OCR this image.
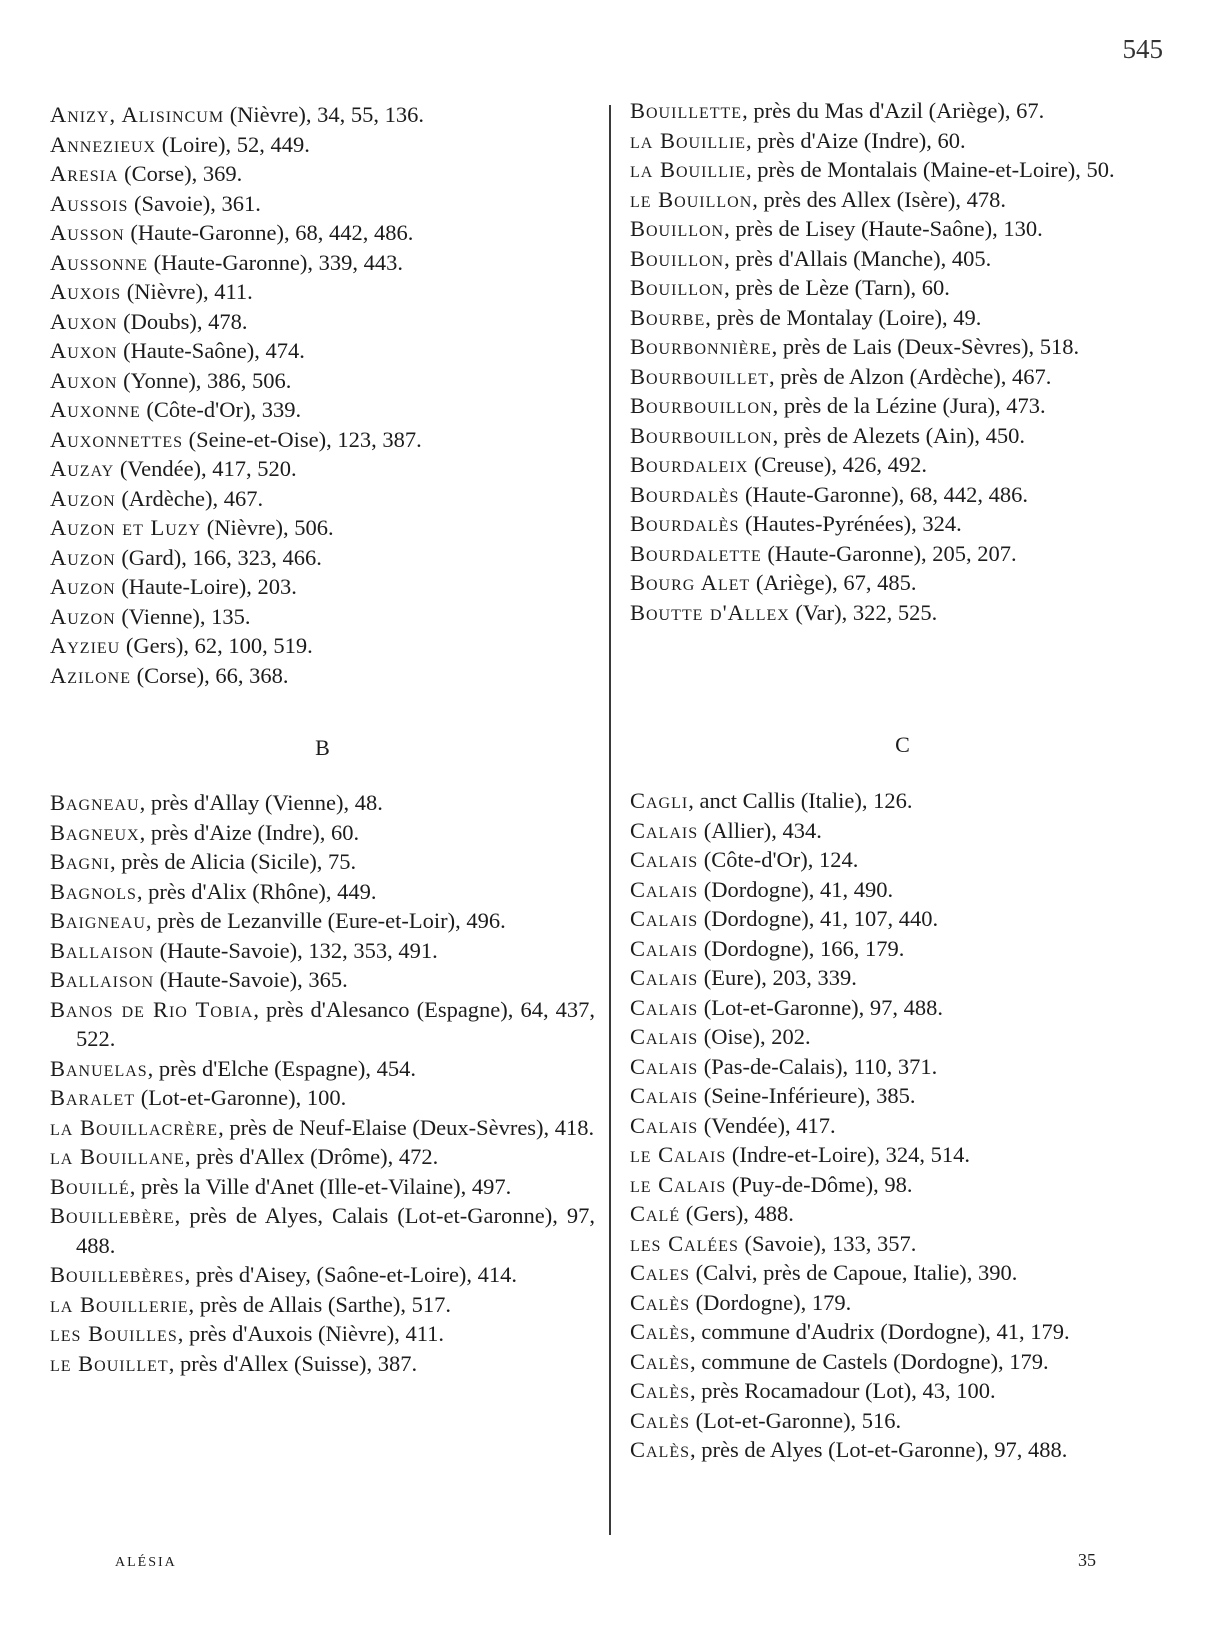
545

Anizy, Alisincum (Nièvre), 34, 55, 136.

Annezieux (Loire), 52, 449.

Aresia (Corse), 369.

Aussois (Savoie), 361.

Ausson (Haute-Garonne), 68, 442, 486.

Aussonne (Haute-Garonne), 339, 443.

Auxois (Nièvre), 411.

Auxon (Doubs), 478.

Auxon (Haute-Saône), 474.

Auxon (Yonne), 386, 506.

Auxonne (Côte-d'Or), 339.

Auxonnettes (Seine-et-Oise), 123, 387.

Auzay (Vendée), 417, 520.

Auzon (Ardèche), 467.

Auzon et Luzy (Nièvre), 506.

Auzon (Gard), 166, 323, 466.

Auzon (Haute-Loire), 203.

Auzon (Vienne), 135.

Ayzieu (Gers), 62, 100, 519.

Azilone (Corse), 66, 368.

B

Bagneau, près d'Allay (Vienne), 48.

Bagneux, près d'Aize (Indre), 60.

Bagni, près de Alicia (Sicile), 75.

Bagnols, près d'Alix (Rhône), 449.

Baigneau, près de Lezanville (Eure-et-Loir), 496.

Ballaison (Haute-Savoie), 132, 353, 491.

Ballaison (Haute-Savoie), 365.

Banos de Rio Tobia, près d'Alesanco (Espagne), 64, 437, 522.

Banuelas, près d'Elche (Espagne), 454.

Baralet (Lot-et-Garonne), 100.

la Bouillacrère, près de Neuf-Elaise (Deux-Sèvres), 418.

la Bouillane, près d'Allex (Drôme), 472.

Bouillé, près la Ville d'Anet (Ille-et-Vilaine), 497.

Bouillebère, près de Alyes, Calais (Lot-et-Garonne), 97, 488.

Bouillebères, près d'Aisey, (Saône-et-Loire), 414.

la Bouillerie, près de Allais (Sarthe), 517.

les Bouilles, près d'Auxois (Nièvre), 411.

le Bouillet, près d'Allex (Suisse), 387.

Bouillette, près du Mas d'Azil (Ariège), 67.

la Bouillie, près d'Aize (Indre), 60.

la Bouillie, près de Montalais (Maine-et-Loire), 50.

le Bouillon, près des Allex (Isère), 478.

Bouillon, près de Lisey (Haute-Saône), 130.

Bouillon, près d'Allais (Manche), 405.

Bouillon, près de Lèze (Tarn), 60.

Bourbe, près de Montalay (Loire), 49.

Bourbonnière, près de Lais (Deux-Sèvres), 518.

Bourbouillet, près de Alzon (Ardèche), 467.

Bourbouillon, près de la Lézine (Jura), 473.

Bourbouillon, près de Alezets (Ain), 450.

Bourdaleix (Creuse), 426, 492.

Bourdalès (Haute-Garonne), 68, 442, 486.

Bourdalès (Hautes-Pyrénées), 324.

Bourdalette (Haute-Garonne), 205, 207.

Bourg Alet (Ariège), 67, 485.

Boutte d'Allex (Var), 322, 525.

C

Cagli, anct Callis (Italie), 126.

Calais (Allier), 434.

Calais (Côte-d'Or), 124.

Calais (Dordogne), 41, 490.

Calais (Dordogne), 41, 107, 440.

Calais (Dordogne), 166, 179.

Calais (Eure), 203, 339.

Calais (Lot-et-Garonne), 97, 488.

Calais (Oise), 202.

Calais (Pas-de-Calais), 110, 371.

Calais (Seine-Inférieure), 385.

Calais (Vendée), 417.

le Calais (Indre-et-Loire), 324, 514.

le Calais (Puy-de-Dôme), 98.

Calé (Gers), 488.

les Calées (Savoie), 133, 357.

Cales (Calvi, près de Capoue, Italie), 390.

Calès (Dordogne), 179.

Calès, commune d'Audrix (Dordogne), 41, 179.

Calès, commune de Castels (Dordogne), 179.

Calès, près Rocamadour (Lot), 43, 100.

Calès (Lot-et-Garonne), 516.

Calès, près de Alyes (Lot-et-Garonne), 97, 488.

ALÉSIA	35
